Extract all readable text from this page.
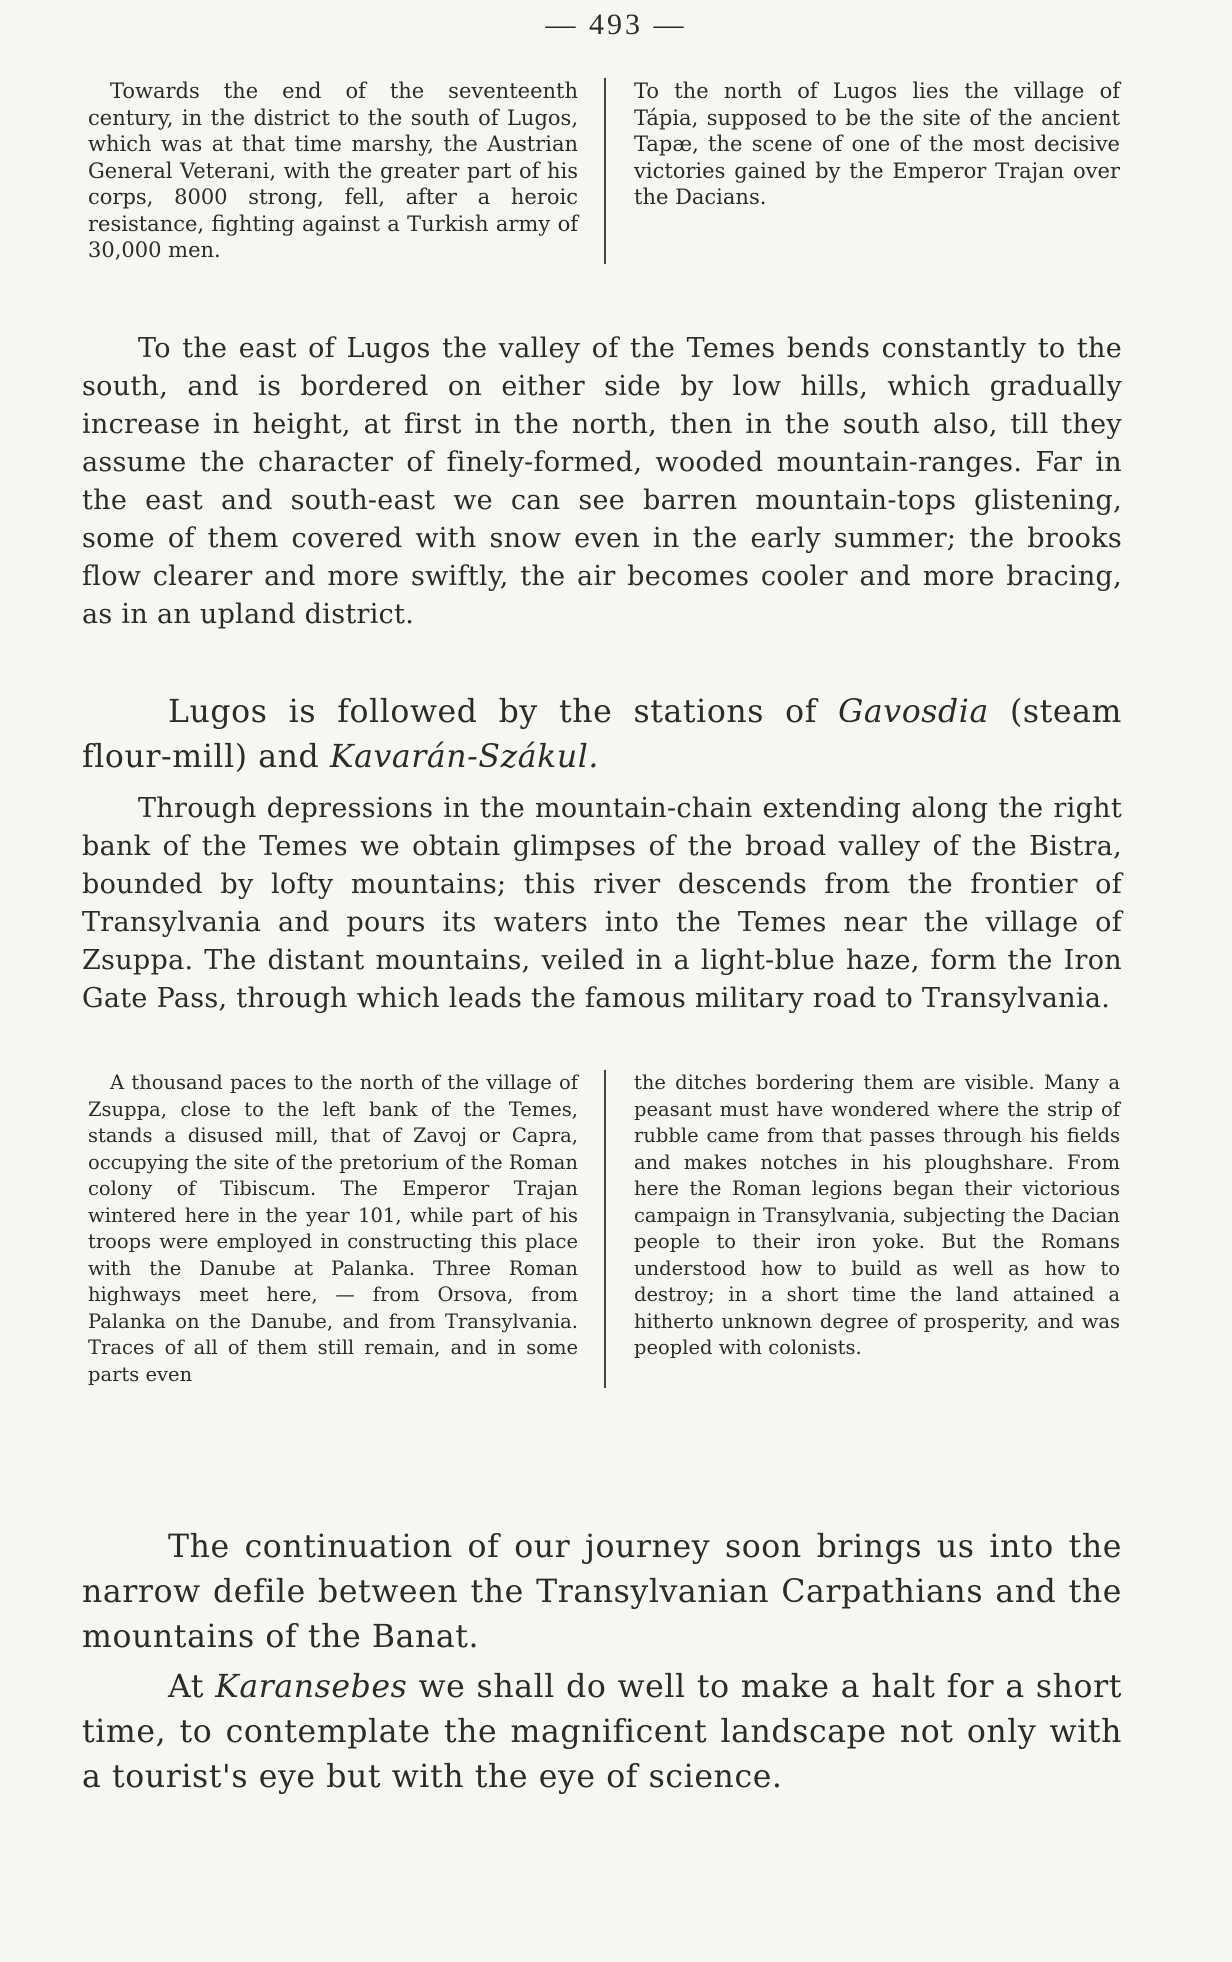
— 493 —

Towards the end of the seventeenth century, in the district to the south of Lugos, which was at that time marshy, the Austrian General Veterani, with the greater part of his corps, 8000 strong, fell, after a heroic resistance, fighting against a Turkish army of 30,000 men.

To the north of Lugos lies the village of Tápia, supposed to be the site of the ancient Tapæ, the scene of one of the most decisive victories gained by the Emperor Trajan over the Dacians.

To the east of Lugos the valley of the Temes bends constantly to the south, and is bordered on either side by low hills, which gradually increase in height, at first in the north, then in the south also, till they assume the character of finely-formed, wooded mountain-ranges. Far in the east and south-east we can see barren mountain-tops glistening, some of them covered with snow even in the early summer; the brooks flow clearer and more swiftly, the air becomes cooler and more bracing, as in an upland district.

Lugos is followed by the stations of Gavosdia (steam flour-mill) and Kavarán-Szákul.

Through depressions in the mountain-chain extending along the right bank of the Temes we obtain glimpses of the broad valley of the Bistra, bounded by lofty mountains; this river descends from the frontier of Transylvania and pours its waters into the Temes near the village of Zsuppa. The distant mountains, veiled in a light-blue haze, form the Iron Gate Pass, through which leads the famous military road to Transylvania.

A thousand paces to the north of the village of Zsuppa, close to the left bank of the Temes, stands a disused mill, that of Zavoj or Capra, occupying the site of the pretorium of the Roman colony of Tibiscum. The Emperor Trajan wintered here in the year 101, while part of his troops were employed in constructing this place with the Danube at Palanka. Three Roman highways meet here, — from Orsova, from Palanka on the Danube, and from Transylvania. Traces of all of them still remain, and in some parts even

the ditches bordering them are visible. Many a peasant must have wondered where the strip of rubble came from that passes through his fields and makes notches in his ploughshare. From here the Roman legions began their victorious campaign in Transylvania, subjecting the Dacian people to their iron yoke. But the Romans understood how to build as well as how to destroy; in a short time the land attained a hitherto unknown degree of prosperity, and was peopled with colonists.

The continuation of our journey soon brings us into the narrow defile between the Transylvanian Carpathians and the mountains of the Banat.

At Karansebes we shall do well to make a halt for a short time, to contemplate the magnificent landscape not only with a tourist's eye but with the eye of science.
